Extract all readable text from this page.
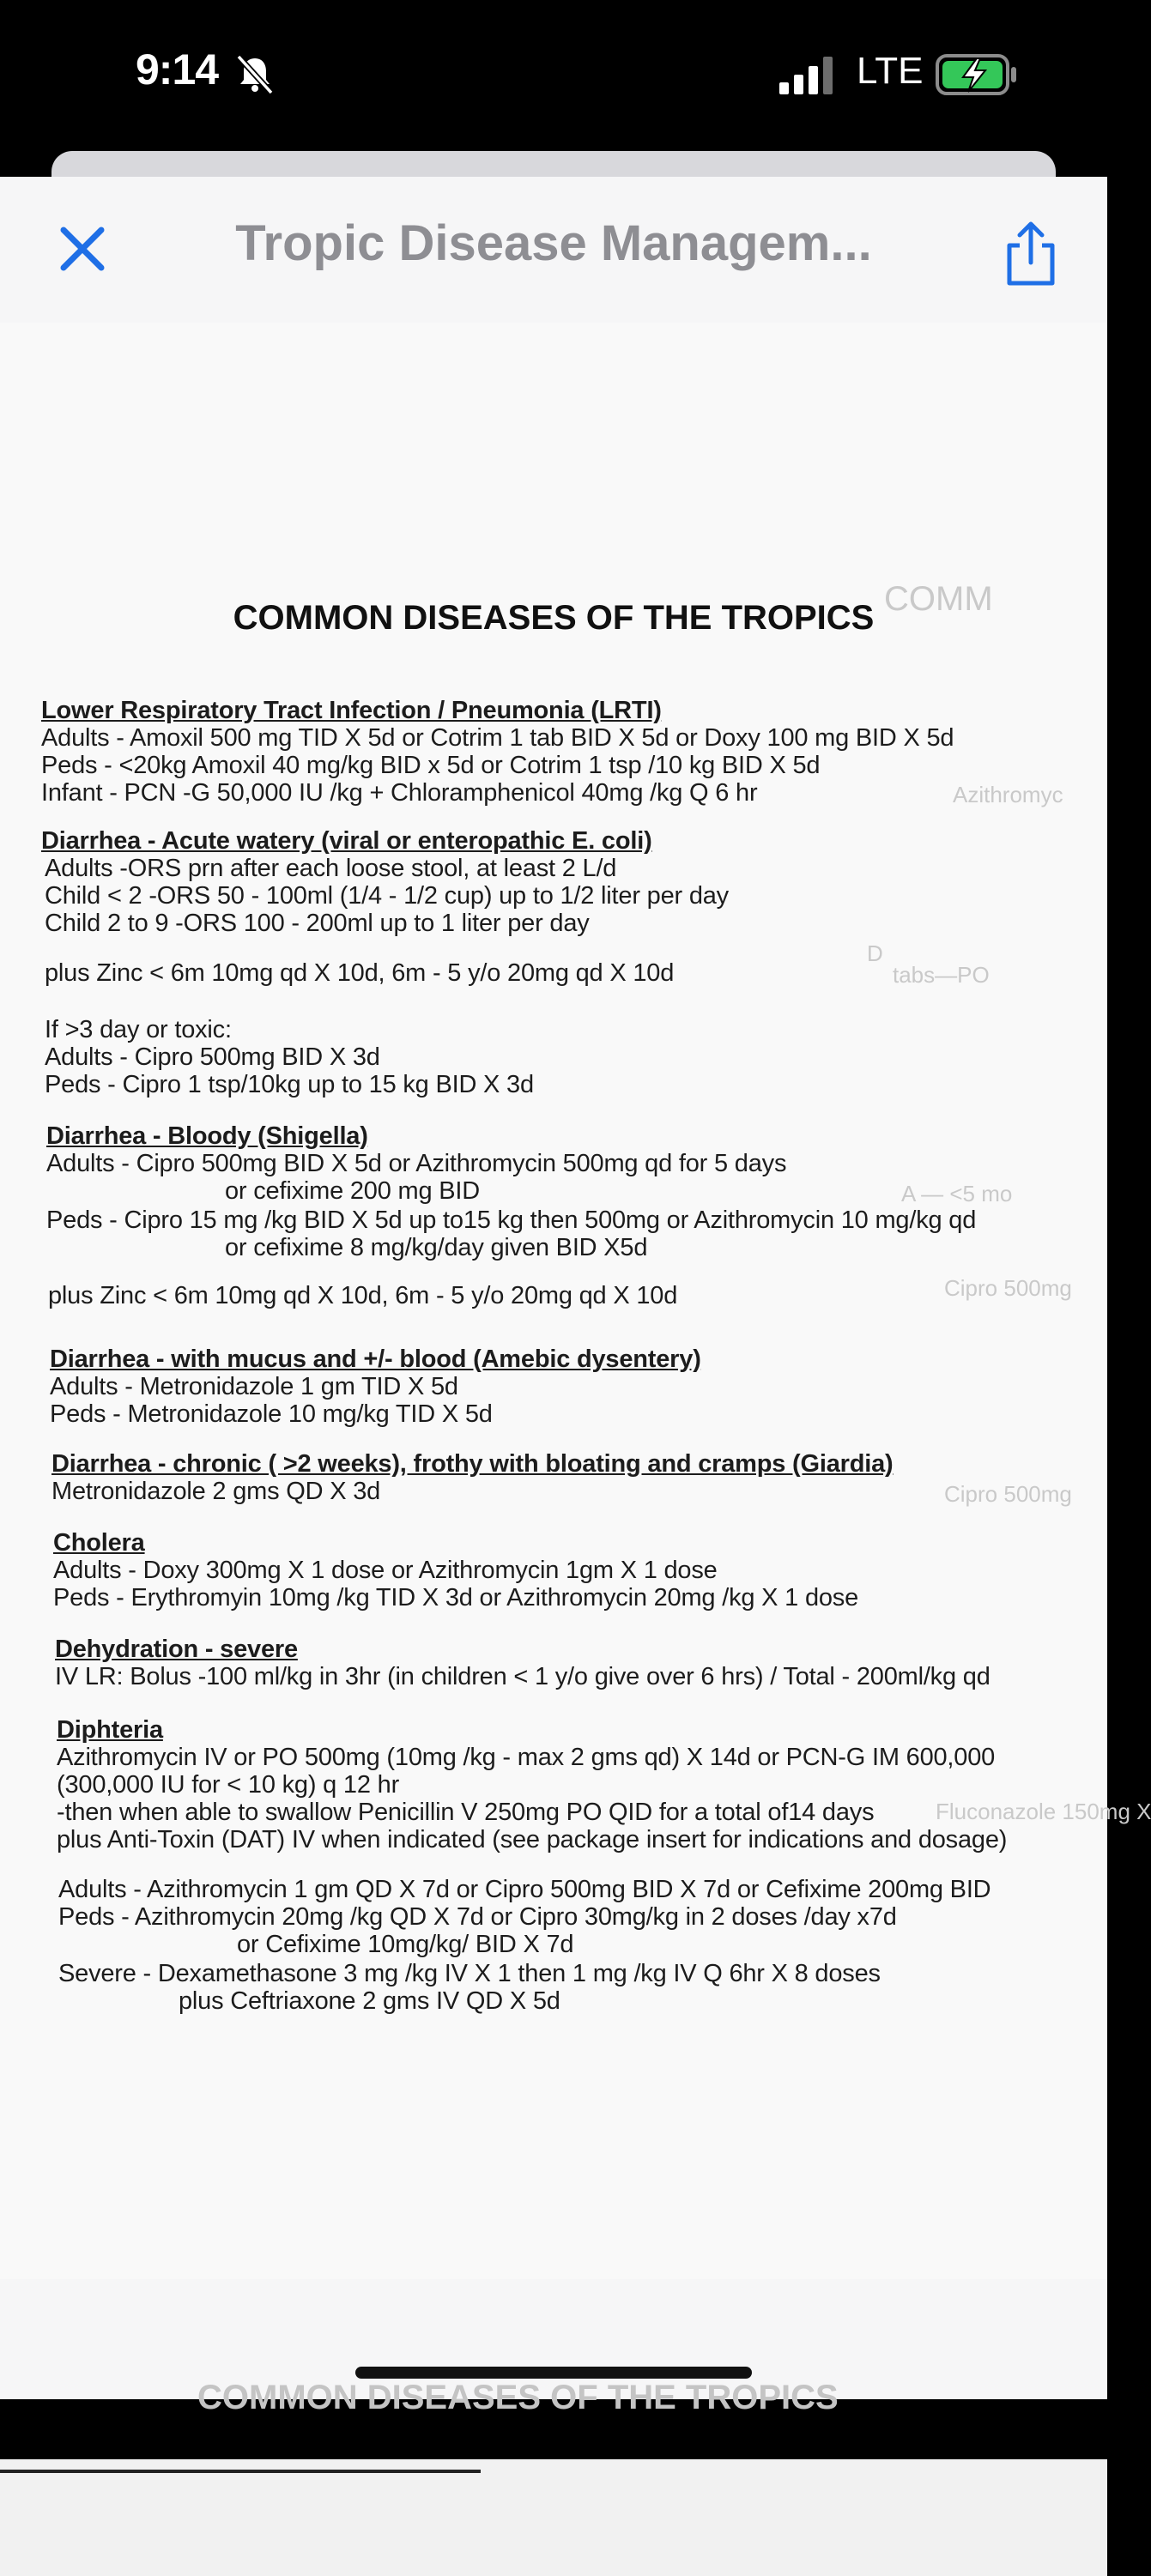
9:14	LTE
Tropic Disease Managem...
COMM
Azithromyc
D
tabs—PO
A — <5 mo
Cipro 500mg
Cipro 500mg
Fluconazole 150mg X
COMMON DISEASES OF THE TROPICS
Lower Respiratory Tract Infection / Pneumonia (LRTI)
Adults - Amoxil 500 mg TID X 5d or Cotrim 1 tab BID X 5d or Doxy 100 mg BID X 5d
Peds - <20kg Amoxil 40 mg/kg BID x 5d or Cotrim 1 tsp /10 kg BID X 5d
Infant - PCN -G 50,000 IU /kg + Chloramphenicol 40mg /kg Q 6 hr
Diarrhea - Acute watery (viral or enteropathic E. coli)
Adults -ORS prn after each loose stool, at least 2 L/d
Child < 2 -ORS 50 - 100ml (1/4 - 1/2 cup) up to 1/2 liter per day
Child 2 to 9 -ORS 100 - 200ml up to 1 liter per day
plus Zinc < 6m 10mg qd X 10d, 6m - 5 y/o 20mg qd X 10d
If >3 day or toxic:
Adults - Cipro 500mg BID X 3d
Peds - Cipro 1 tsp/10kg up to 15 kg BID X 3d
Diarrhea - Bloody (Shigella)
Adults - Cipro 500mg BID X 5d or Azithromycin 500mg qd for 5 days
or cefixime 200 mg BID
Peds - Cipro 15 mg /kg BID X 5d up to15 kg then 500mg or Azithromycin 10 mg/kg qd
or cefixime 8 mg/kg/day given BID X5d
plus Zinc < 6m 10mg qd X 10d, 6m - 5 y/o 20mg qd X 10d
Diarrhea - with mucus and +/- blood (Amebic dysentery)
Adults - Metronidazole 1 gm TID X 5d
Peds - Metronidazole 10 mg/kg TID X 5d
Diarrhea - chronic ( >2 weeks), frothy with bloating and cramps (Giardia)
Metronidazole 2 gms QD X 3d
Cholera
Adults - Doxy 300mg X 1 dose or Azithromycin 1gm X 1 dose
Peds - Erythromyin 10mg /kg TID X 3d or Azithromycin 20mg /kg X 1 dose
Dehydration - severe
IV LR: Bolus -100 ml/kg in 3hr (in children < 1 y/o give over 6 hrs) / Total - 200ml/kg qd
Diphteria
Azithromycin IV or PO 500mg (10mg /kg - max 2 gms qd) X 14d or PCN-G IM 600,000
(300,000 IU for < 10 kg) q 12 hr
-then when able to swallow Penicillin V 250mg PO QID for a total of14 days
plus Anti-Toxin (DAT) IV when indicated (see package insert for indications and dosage)
Adults - Azithromycin 1 gm QD X 7d or Cipro 500mg BID X 7d or Cefixime 200mg BID
Peds - Azithromycin 20mg /kg QD X 7d or Cipro 30mg/kg in 2 doses /day x7d
or Cefixime 10mg/kg/ BID X 7d
Severe - Dexamethasone 3 mg /kg IV X 1 then 1 mg /kg IV Q 6hr X 8 doses
plus Ceftriaxone 2 gms IV QD X 5d
COMMON DISEASES OF THE TROPICS
